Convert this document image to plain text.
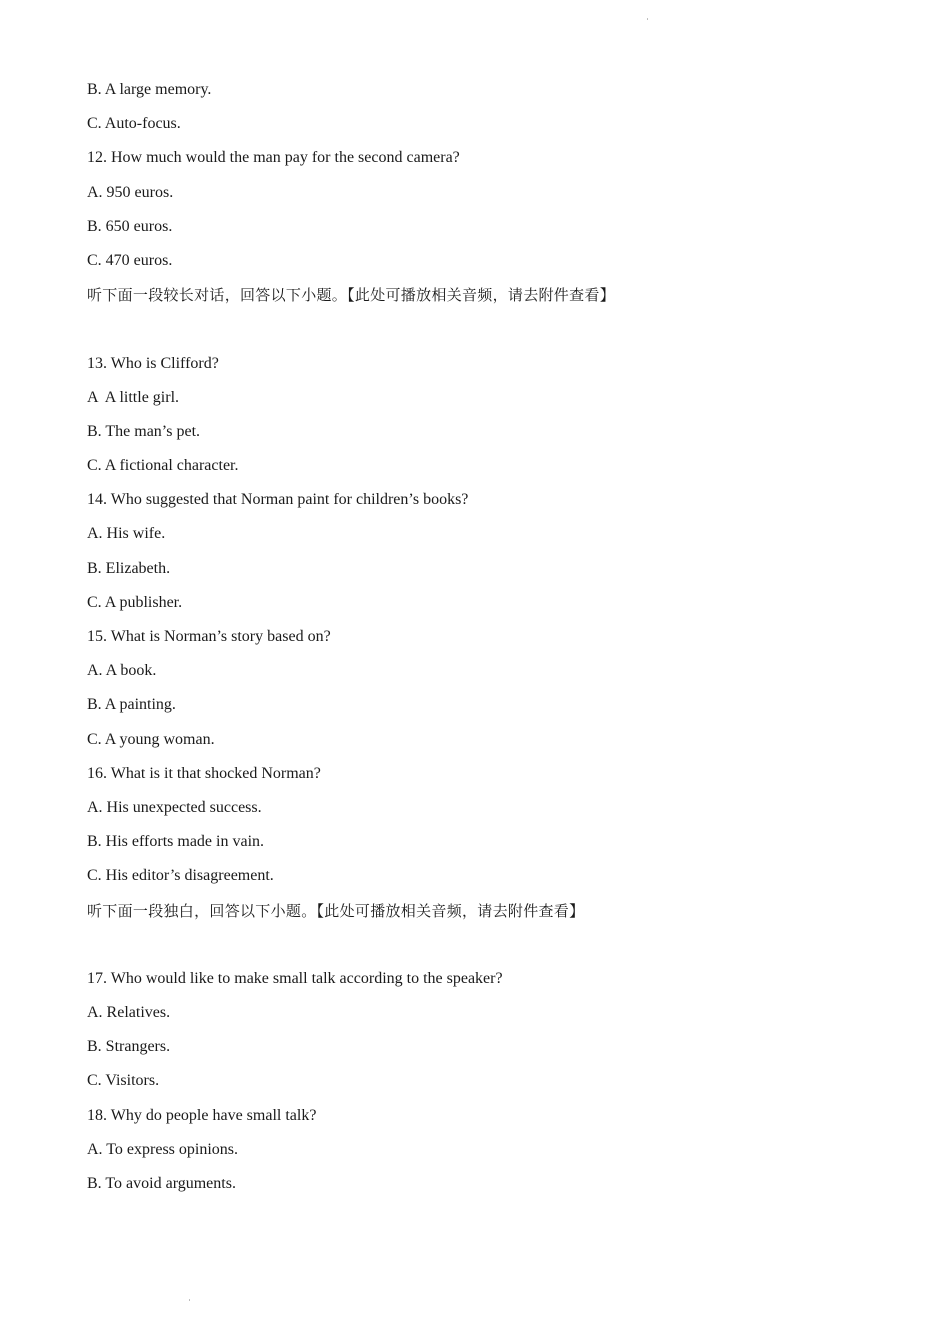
˙
B. A large memory.
C. Auto-focus.
12. How much would the man pay for the second camera?
A. 950 euros.
B. 650 euros.
C. 470 euros.
听下面一段较长对话，回答以下小题。【此处可播放相关音频，请去附件查看】
13. Who is Clifford?
A  A little girl.
B. The man’s pet.
C. A fictional character.
14. Who suggested that Norman paint for children’s books?
A. His wife.
B. Elizabeth.
C. A publisher.
15. What is Norman’s story based on?
A. A book.
B. A painting.
C. A young woman.
16. What is it that shocked Norman?
A. His unexpected success.
B. His efforts made in vain.
C. His editor’s disagreement.
听下面一段独白，回答以下小题。【此处可播放相关音频，请去附件查看】
17. Who would like to make small talk according to the speaker?
A. Relatives.
B. Strangers.
C. Visitors.
18. Why do people have small talk?
A. To express opinions.
B. To avoid arguments.
˙
